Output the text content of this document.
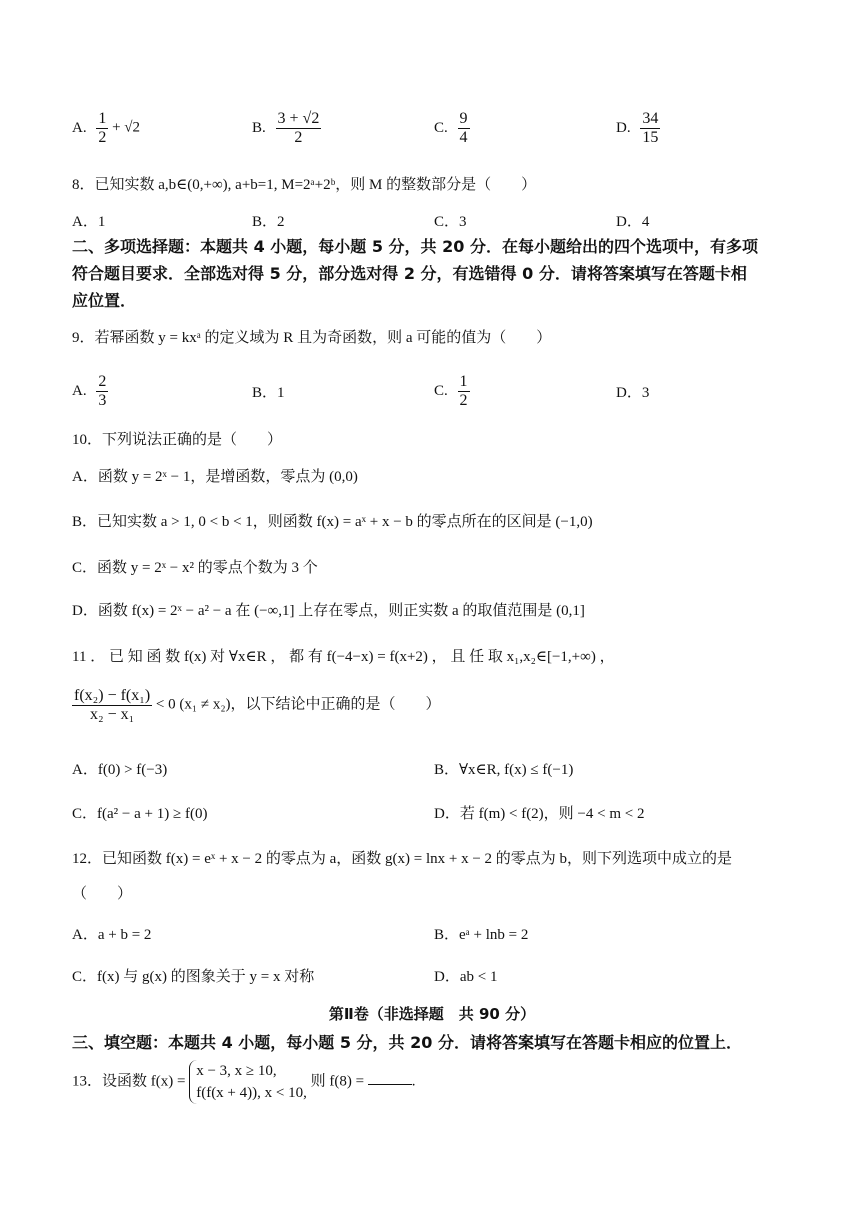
A. $\frac{1}{2} + √2$	B. $\frac{3 + √2}{2}$	C. $\frac{9}{4}$	D. $\frac{34}{15}$
8．已知实数 a,b∈(0,+∞), a+b=1, M=2ᵃ+2ᵇ，则 M 的整数部分是（　　）
A．1	B．2	C．3	D．4
二、多项选择题：本题共 4 小题，每小题 5 分，共 20 分．在每小题给出的四个选项中，有多项
符合题目要求．全部选对得 5 分，部分选对得 2 分，有选错得 0 分．请将答案填写在答题卡相
应位置．
9．若幂函数 y = kxᵃ 的定义域为 R 且为奇函数，则 a 可能的值为（　　）
A. $\frac{2}{3}$	B．1	C. $\frac{1}{2}$	D．3
10．下列说法正确的是（　　）
A．函数 y = 2ˣ − 1，是增函数，零点为 (0,0)
B．已知实数 a > 1, 0 < b < 1，则函数 f(x) = aˣ + x − b 的零点所在的区间是 (−1,0)
C．函数 y = 2ˣ − x² 的零点个数为 3 个
D．函数 f(x) = 2ˣ − a² − a 在 (−∞,1] 上存在零点，则正实数 a 的取值范围是 (0,1]
11 ． 已 知 函 数 f(x) 对 ∀x∈R ， 都 有 f(−4−x) = f(x+2) ， 且 任 取 x₁,x₂∈[−1,+∞) ，
$\frac{\text{f(x₂) − f(x₁)}}{\text{x₂ − x₁}} < 0$ (x₁ ≠ x₂)，以下结论中正确的是（　　）
A．f(0) > f(−3)	B．∀x∈R, f(x) ≤ f(−1)
C．f(a² − a + 1) ≥ f(0)	D．若 f(m) < f(2)，则 −4 < m < 2
12．已知函数 f(x) = eˣ + x − 2 的零点为 a，函数 g(x) = lnx + x − 2 的零点为 b，则下列选项中成立的是
（　　）
A．a + b = 2	B．eᵃ + lnb = 2
C．f(x) 与 g(x) 的图象关于 y = x 对称	D．ab < 1
第Ⅱ卷（非选择题　共 90 分）
三、填空题：本题共 4 小题，每小题 5 分，共 20 分．请将答案填写在答题卡相应的位置上．
13．设函数 f(x) =
x − 3, x ≥ 10,
f(f(x + 4)), x < 10,
则 f(8) =	.
